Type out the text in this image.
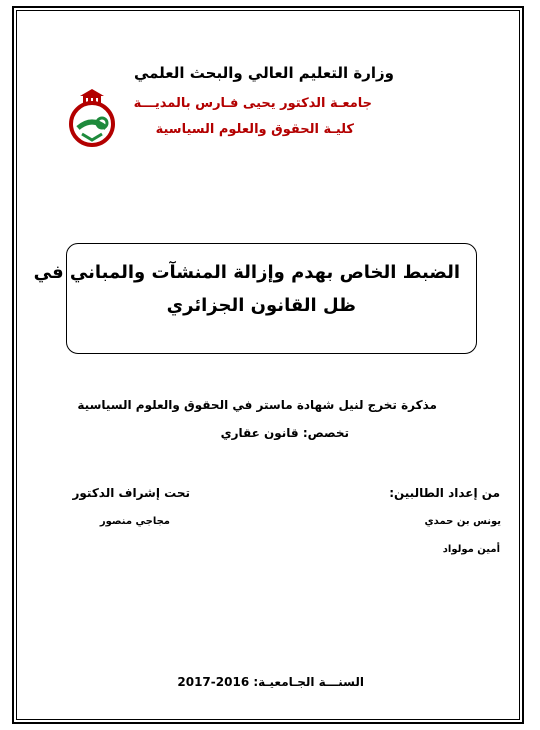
وزارة التعليم العالي والبحث العلمي
جامعـة الدكتور يحيى فـارس بالمديـــة
كليـة الحقوق والعلوم السياسية
الضبط الخاص بهدم وإزالة المنشآت والمباني في
ظل القانون الجزائري
مذكرة تخرج لنيل شهادة ماستر في الحقوق والعلوم السياسية
تخصص: قانون عقاري
من إعداد الطالبين:
يونس بن حمدي
أمين مولواد
تحت إشراف الدكتور
مجاجي منصور
السنـــة الجـامعيـة: 2016-2017
